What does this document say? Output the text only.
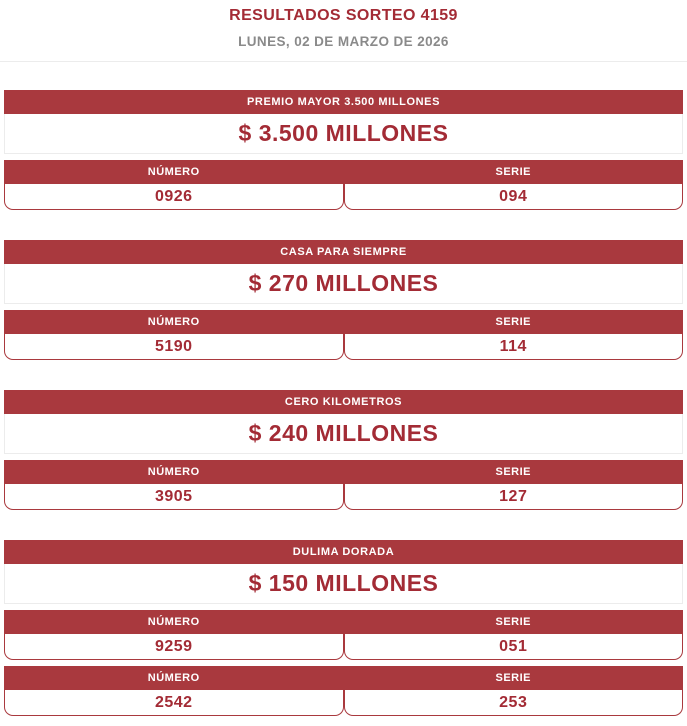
RESULTADOS SORTEO 4159
LUNES, 02 DE MARZO DE 2026
PREMIO MAYOR 3.500 MILLONES
$ 3.500 MILLONES
NÚMERO	SERIE
0926	094
CASA PARA SIEMPRE
$ 270 MILLONES
NÚMERO	SERIE
5190	114
CERO KILOMETROS
$ 240 MILLONES
NÚMERO	SERIE
3905	127
DULIMA DORADA
$ 150 MILLONES
NÚMERO	SERIE
9259	051
NÚMERO	SERIE
2542	253
